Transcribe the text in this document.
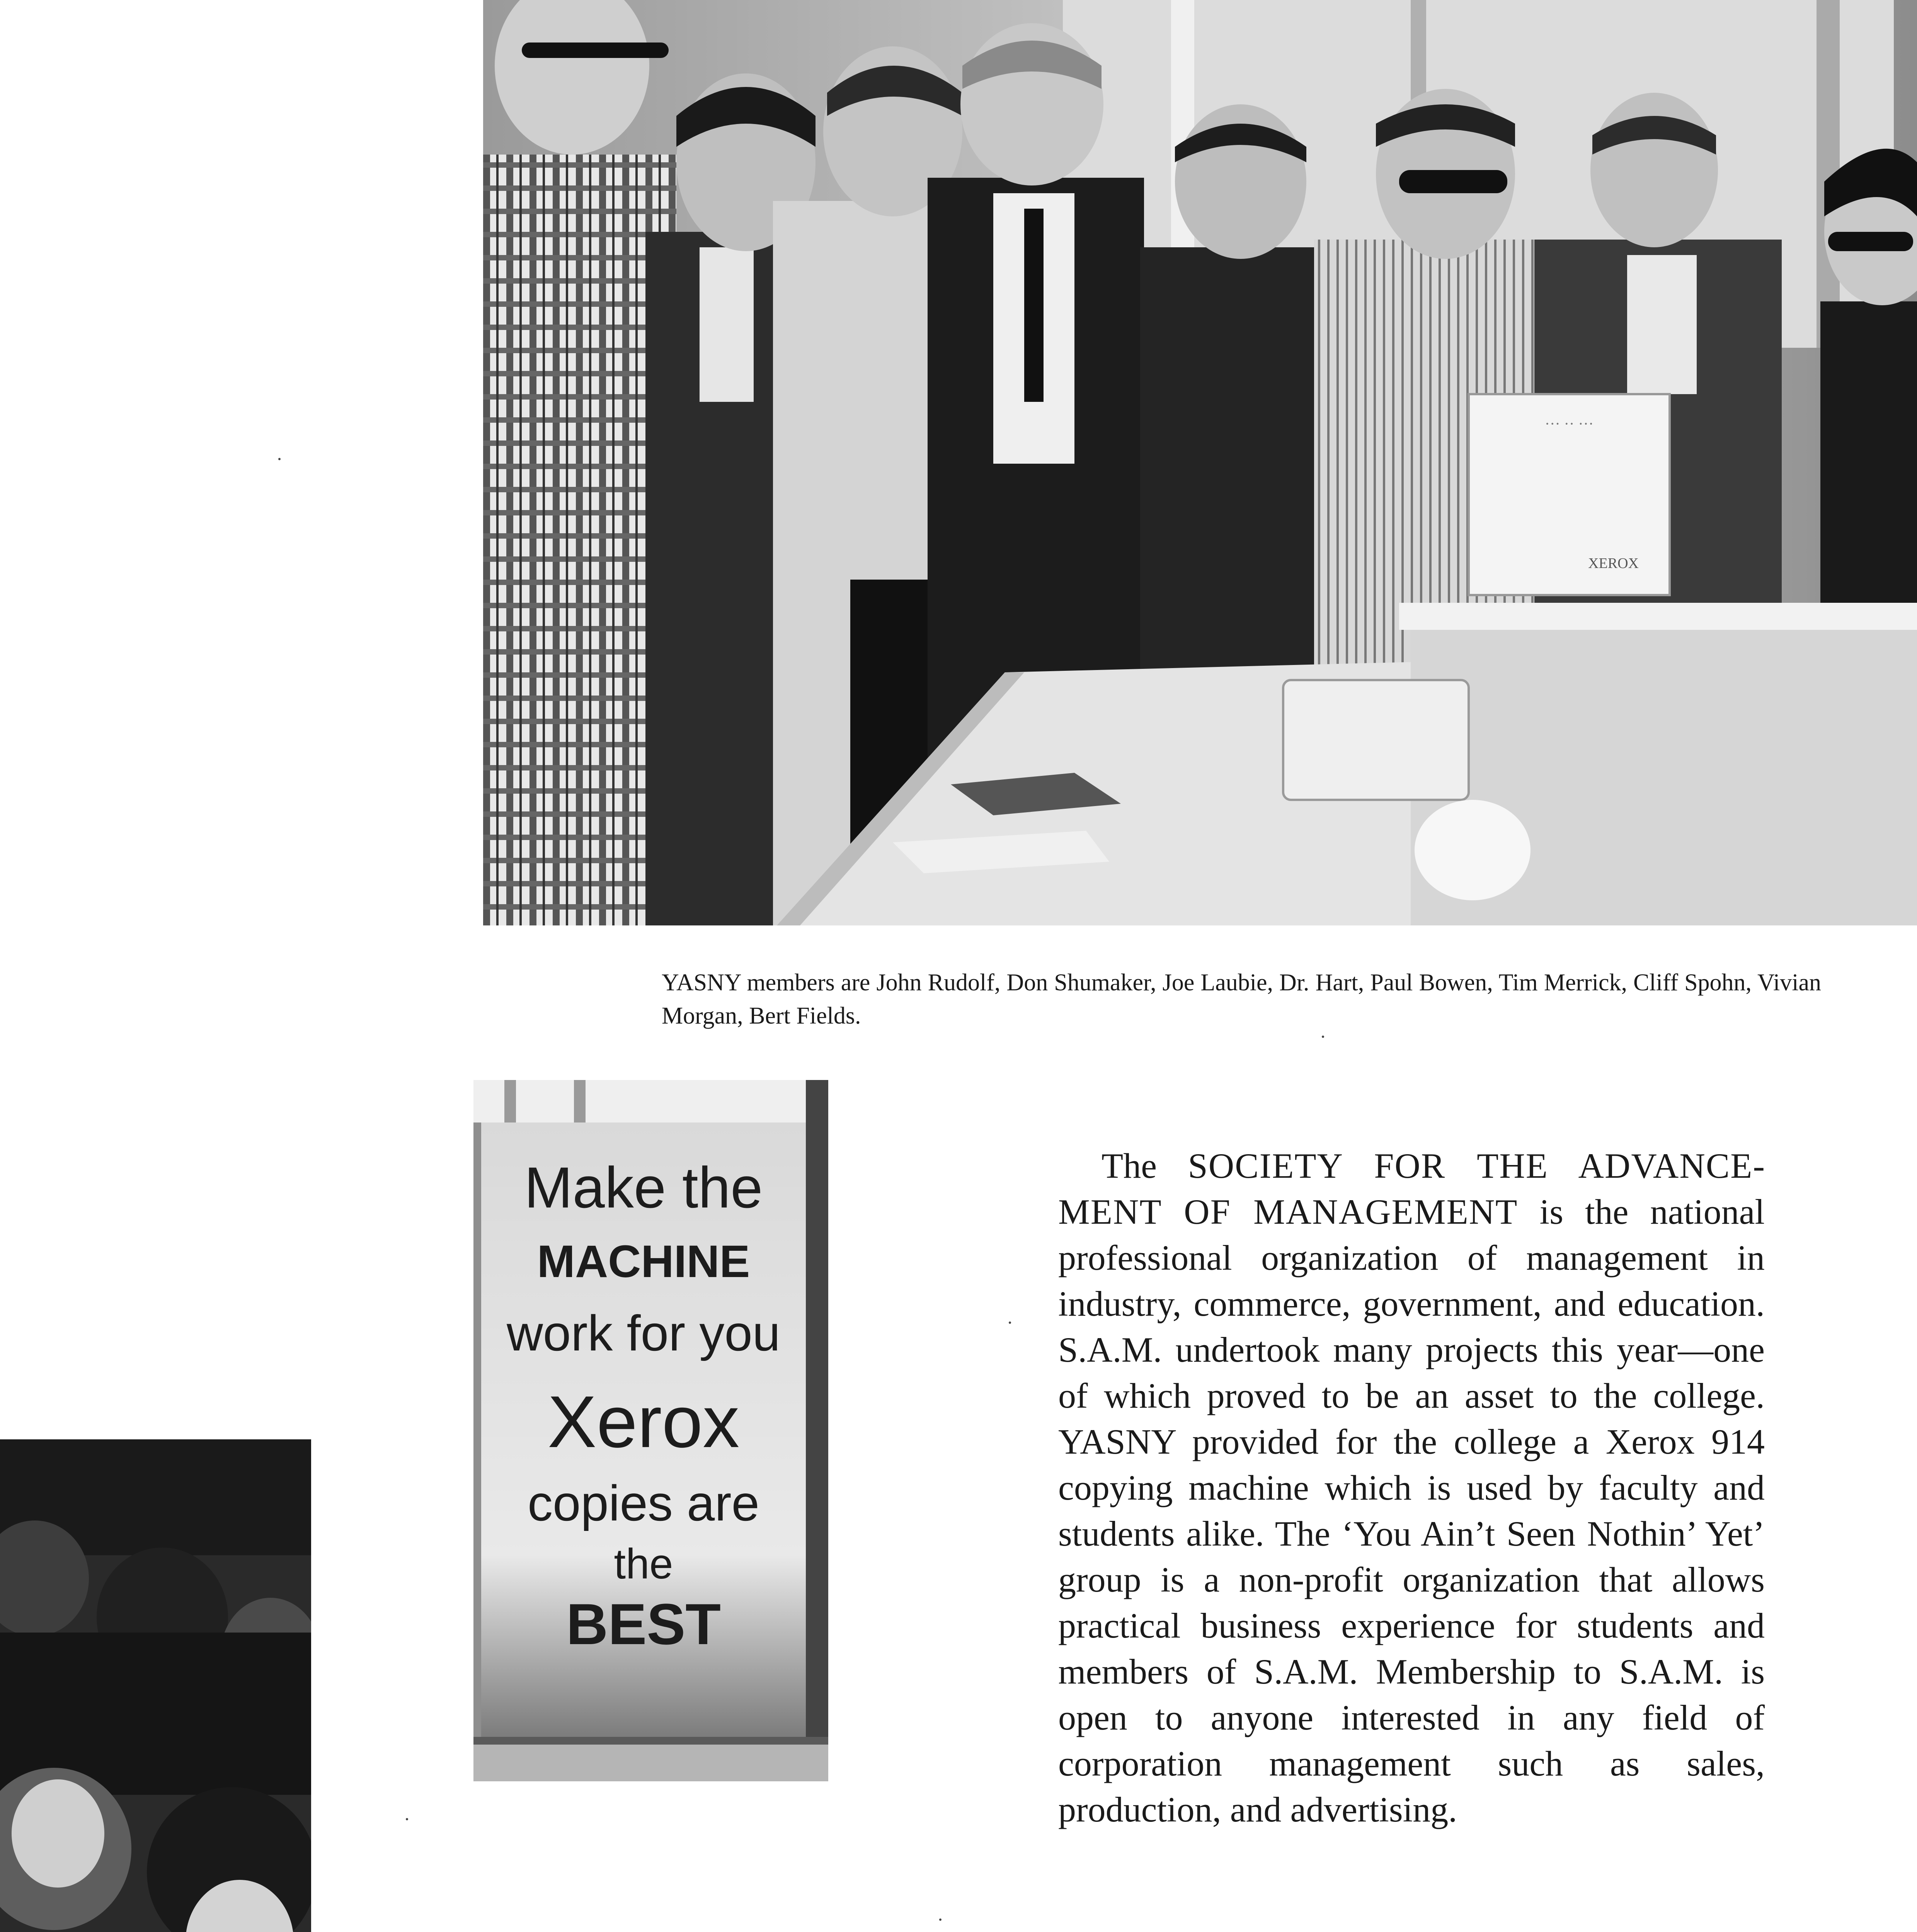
··· ·· ···
XEROX
YASNY members are John Rudolf, Don Shumaker, Joe Laubie, Dr. Hart, Paul Bowen, Tim Merrick, Cliff Spohn, Vivian Morgan, Bert Fields.
Make the
MACHINE
work for you
Xerox
copies are
the
BEST
The SOCIETY FOR THE ADVANCEMENT OF MANAGEMENT is the national professional organization of management in industry, commerce, government, and education. S.A.M. undertook many projects this year—one of which proved to be an asset to the college. YASNY provided for the college a Xerox 914 copying machine which is used by faculty and students alike. The ‘You Ain’t Seen Nothin’ Yet’ group is a non-profit organization that allows practical business experience for students and members of S.A.M. Membership to S.A.M. is open to anyone interested in any field of corporation management such as sales, production, and advertising.
